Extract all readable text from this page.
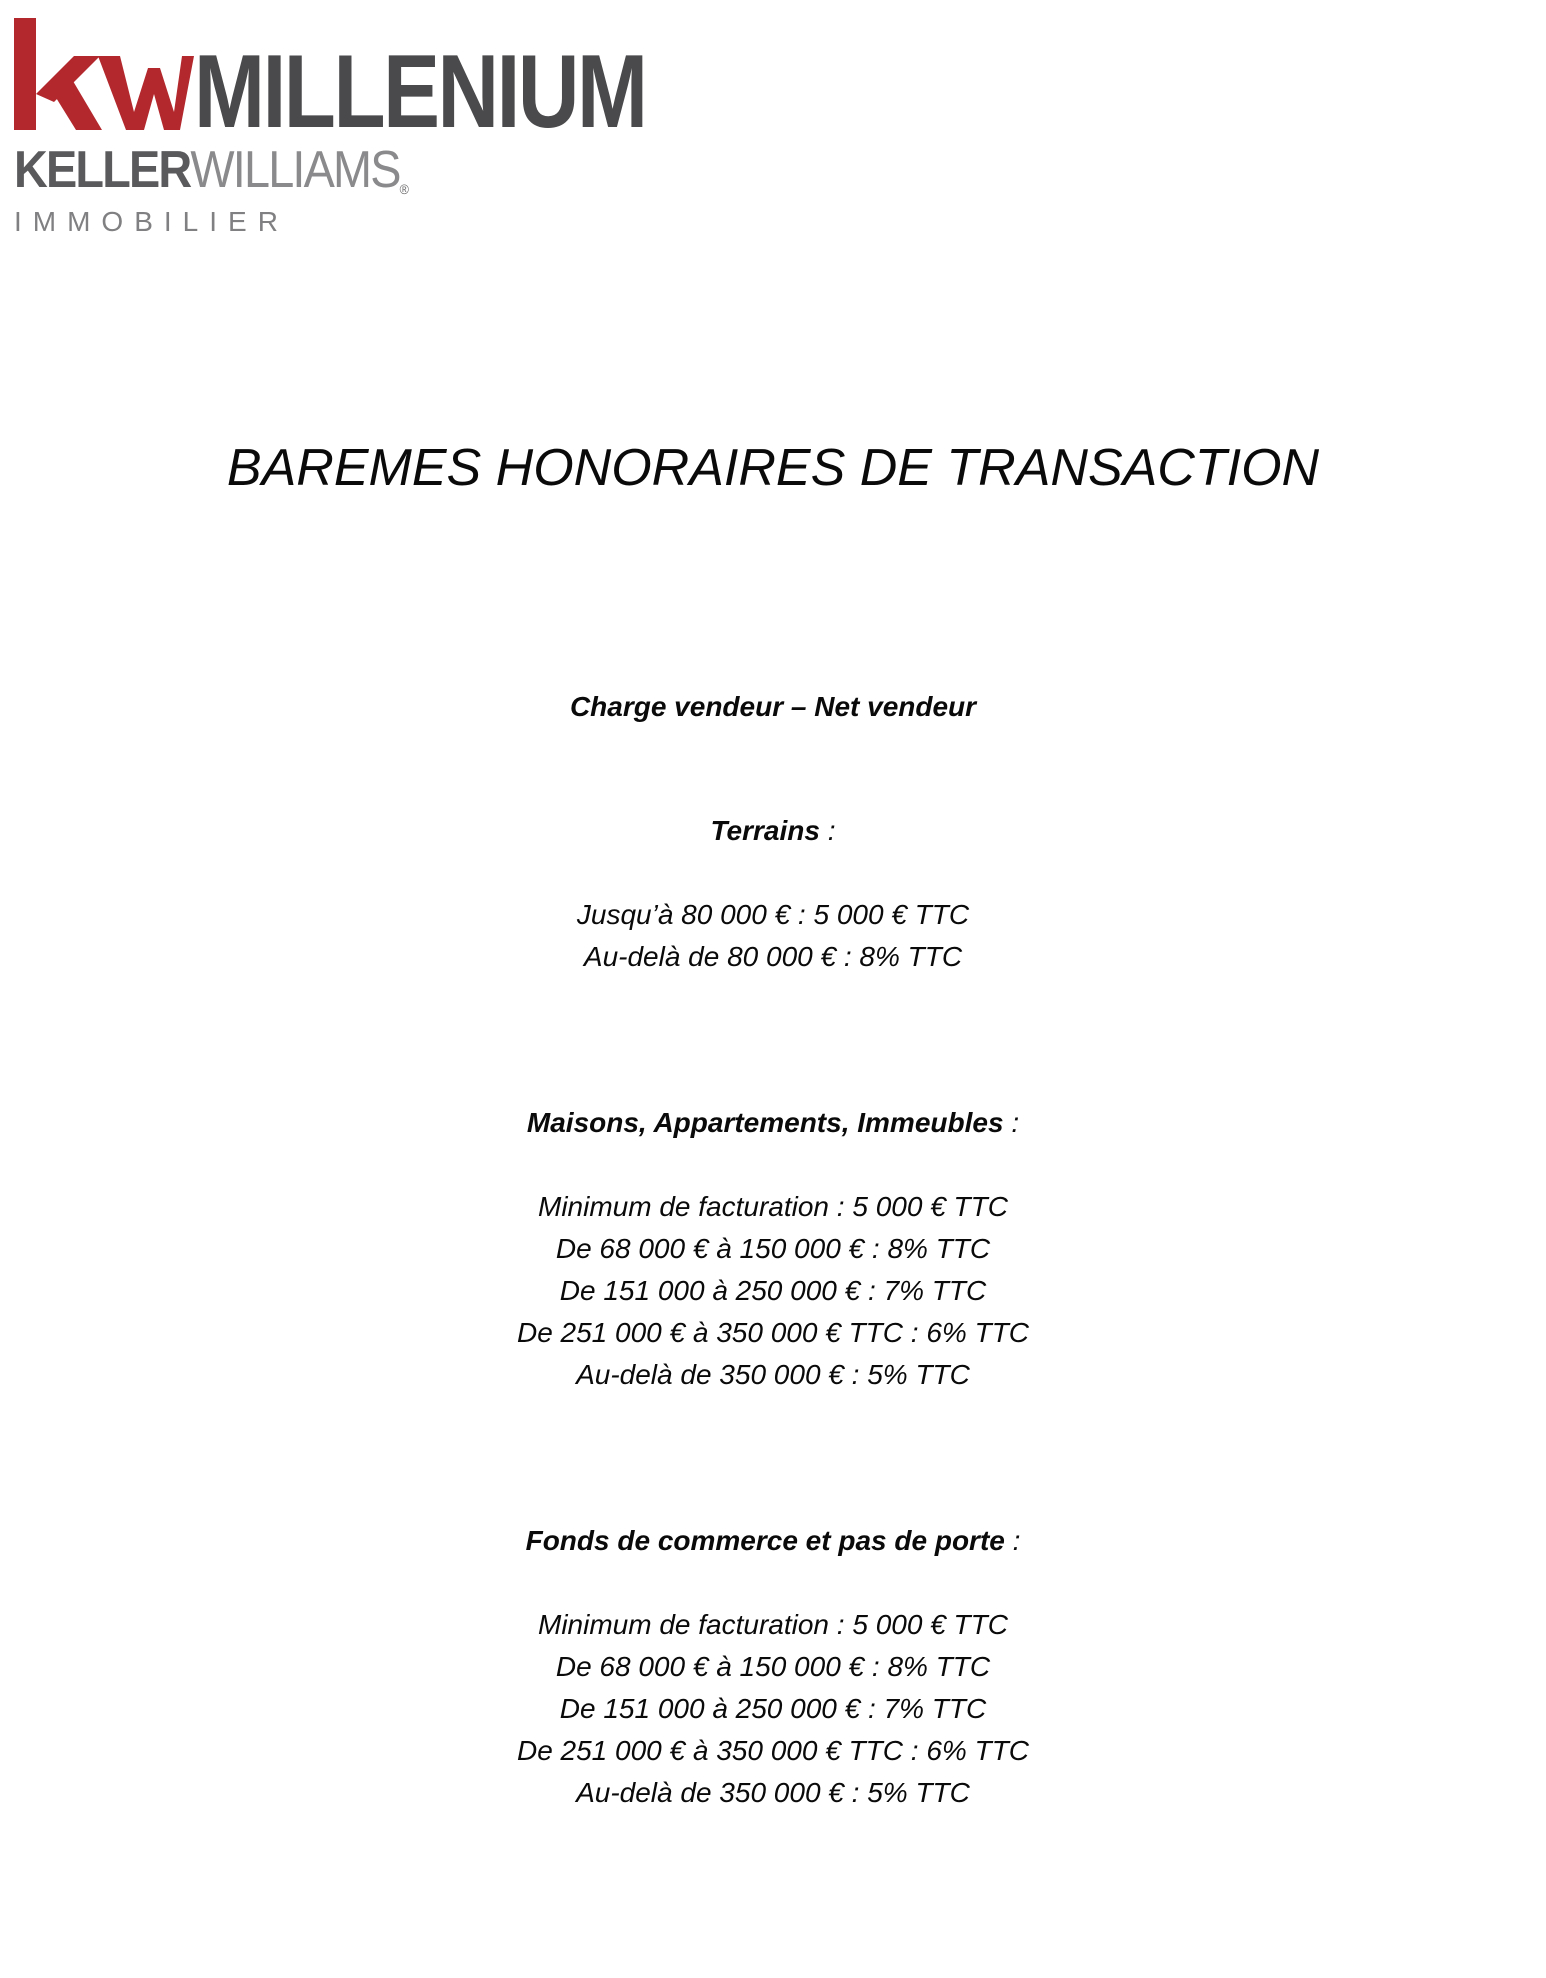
MILLENIUM
KELLERWILLIAMS®
IMMOBILIER
BAREMES HONORAIRES DE TRANSACTION
Charge vendeur – Net vendeur
Terrains :
Jusqu’à 80 000 € : 5 000 € TTC
Au-delà de 80 000 € : 8% TTC
Maisons, Appartements, Immeubles :
Minimum de facturation : 5 000 € TTC
De 68 000 € à 150 000 € : 8% TTC
De 151 000 à 250 000 € : 7% TTC
De 251 000 € à 350 000 € TTC : 6% TTC
Au-delà de 350 000 € : 5% TTC
Fonds de commerce et pas de porte :
Minimum de facturation : 5 000 € TTC
De 68 000 € à 150 000 € : 8% TTC
De 151 000 à 250 000 € : 7% TTC
De 251 000 € à 350 000 € TTC : 6% TTC
Au-delà de 350 000 € : 5% TTC
